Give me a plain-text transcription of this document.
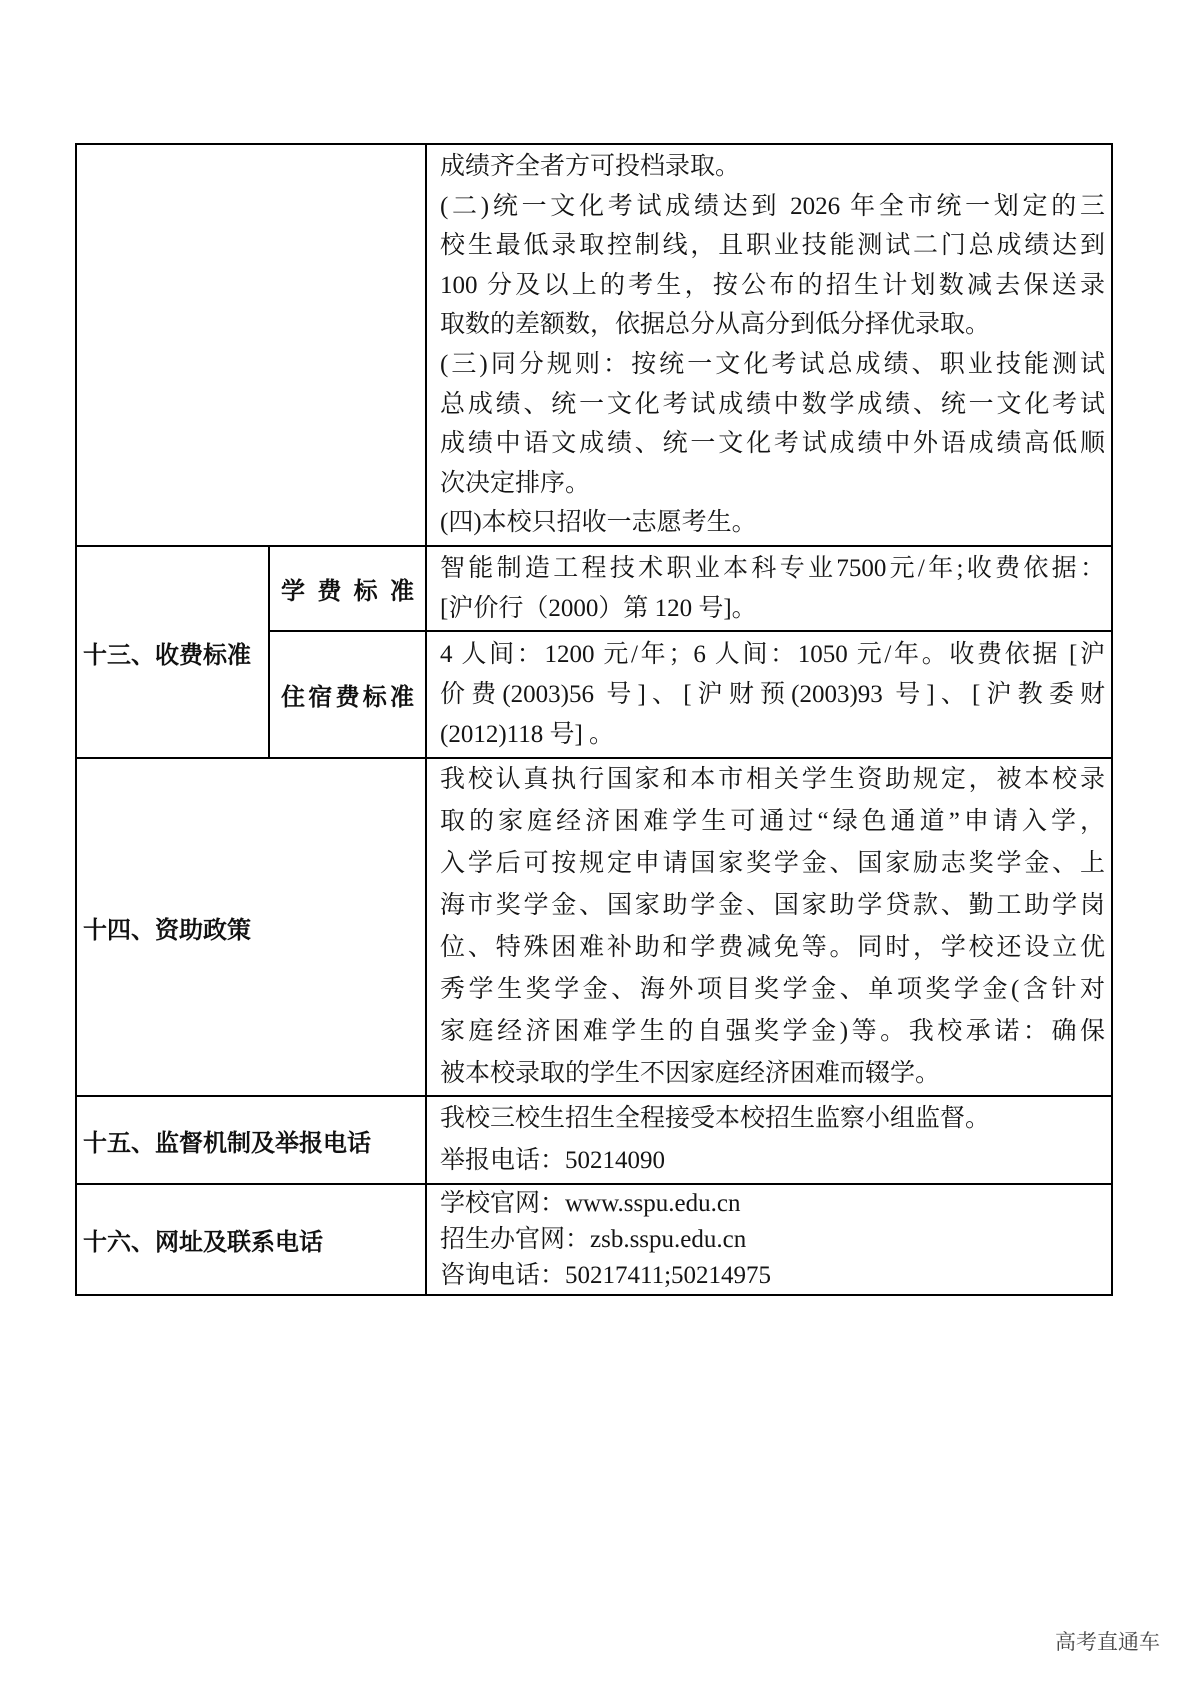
成绩齐全者方可投档录取。
(二)统一文化考试成绩达到 2026 年全市统一划定的三
校生最低录取控制线，且职业技能测试二门总成绩达到
100 分及以上的考生，按公布的招生计划数减去保送录
取数的差额数，依据总分从高分到低分择优录取。
(三)同分规则：按统一文化考试总成绩、职业技能测试
总成绩、统一文化考试成绩中数学成绩、统一文化考试
成绩中语文成绩、统一文化考试成绩中外语成绩高低顺
次决定排序。
(四)本校只招收一志愿考生。
十三、收费标准
学费标准
智能制造工程技术职业本科专业7500元/年;收费依据：
[沪价行（2000）第 120 号]。
住宿费标准
4 人间：1200 元/年；6 人间：1050 元/年。收费依据 [沪
价费(2003)56 号]、[沪财预(2003)93 号]、[沪教委财
(2012)118 号] 。
十四、资助政策
我校认真执行国家和本市相关学生资助规定，被本校录
取的家庭经济困难学生可通过“绿色通道”申请入学，
入学后可按规定申请国家奖学金、国家励志奖学金、上
海市奖学金、国家助学金、国家助学贷款、勤工助学岗
位、特殊困难补助和学费减免等。同时，学校还设立优
秀学生奖学金、海外项目奖学金、单项奖学金(含针对
家庭经济困难学生的自强奖学金)等。我校承诺：确保
被本校录取的学生不因家庭经济困难而辍学。
十五、监督机制及举报电话
我校三校生招生全程接受本校招生监察小组监督。
举报电话：50214090
十六、网址及联系电话
学校官网：www.sspu.edu.cn
招生办官网：zsb.sspu.edu.cn
咨询电话：50217411;50214975
高考直通车
